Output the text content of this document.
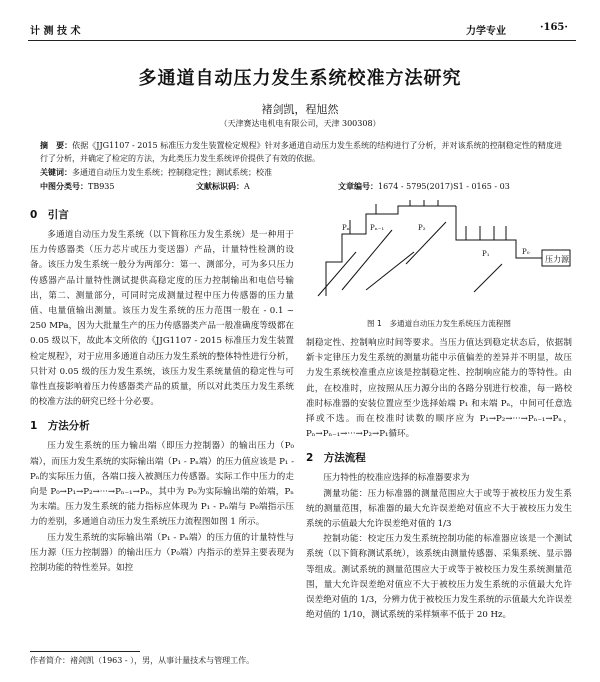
计 测 技 术	力学专业	·165·
多通道自动压力发生系统校准方法研究
褚剑凯，程旭然
（天津赛达电机电有限公司，天津 300308）
摘　要：依据《JJG1107 - 2015 标准压力发生装置检定规程》针对多通道自动压力发生系统的结构进行了分析，并对该系统的控制稳定性的精度进行了分析，并确定了检定的方法，为此类压力发生系统评价提供了有效的依据。
关键词：多通道自动压力发生系统；控制稳定性；测试系统；校准
中图分类号：TB935	文献标识码：A	文章编号：1674 - 5795(2017)S1 - 0165 - 03
0　引言
多通道自动压力发生系统（以下简称压力发生系统）是一种用于压力传感器类（压力芯片或压力变送器）产品，计量特性检测的设备。该压力发生系统一般分为两部分：第一、测部分，可为多只压力传感器产品计量特性测试提供高稳定度的压力控制输出和电信号输出，第二、测量部分，可同时完成测量过程中压力传感器的压力量值、电量值输出测量。该压力发生系统的压力范围一般在 - 0.1 ~ 250 MPa，因为大批量生产的压力传感器类产品一般准确度等级都在 0.05 级以下，故此本文所依的《JJG1107 - 2015 标准压力发生装置检定规程》，对于应用多通道自动压力发生系统的整体特性进行分析，只针对 0.05 级的压力发生系统，该压力发生系统量值的稳定性与可靠性直接影响着压力传感器类产品的质量，所以对此类压力发生系统的校准方法的研究已经十分必要。
1　方法分析
压力发生系统的压力输出端（即压力控制器）的输出压力（P₀端），而压力发生系统的实际输出端（P₁ - Pₙ端）的压力值应该是 P₁ - Pₙ的实际压力值，各端口接入被测压力传感器。实际工作中压力的走向是 P₀→P₁→P₂→···→Pₙ₋₁→Pₙ，其中为 P₀为实际输出端的始端，Pₙ为末端。压力发生系统的能力指标应体现为 P₁ - Pₙ端与 P₀端指示压力的差别，多通道自动压力发生系统压力流程图如图 1 所示。
压力发生系统的实际输出端（P₁ - Pₙ端）的压力值的计量特性与压力源（压力控制器）的输出压力（P₀端）内指示的差异主要表现为控制功能的特性差异。如控
作者简介：褚剑凯（1963 - ），男，从事计量技术与管理工作。
压力源
Pₙ	Pₙ₋₁	P₂
P₁	P₀
图 1　多通道自动压力发生系统压力流程图
制稳定性、控制响应时间等要求。当压力值达到稳定状态后，依据制新卡定律压力发生系统的测量功能中示值偏差的差异并不明显，故压力发生系统校准重点应该是控制稳定性、控制响应能力的等特性。由此，在校准时，应按照从压力源分出的各路分别进行校准，每一路校准时标准器的安装位置应至少选择始端 P₁ 和末端 Pₙ，中间可任意选择或不选。而在校准时读数的顺序应为 P₁→P₂→···→Pₙ₋₁→Pₙ，Pₙ→Pₙ₋₁→···→P₂→P₁循环。
2　方法流程
压力特性的校准应选择的标准器要求为
测量功能：压力标准器的测量范围应大于或等于被校压力发生系统的测量范围，标准器的最大允许误差绝对值应不大于被校压力发生系统的示值最大允许误差绝对值的 1/3
控制功能：校定压力发生系统控制功能的标准器应该是一个测试系统（以下简称测试系统），该系统由测量传感器、采集系统、显示器等组成。测试系统的测量范围应大于或等于被校压力发生系统测量范围，量大允许误差绝对值应不大于被校压力发生系统的示值最大允许误差绝对值的 1/3，分辨力优于被校压力发生系统的示值最大允许误差绝对值的 1/10，测试系统的采样频率不低于 20 Hz。
